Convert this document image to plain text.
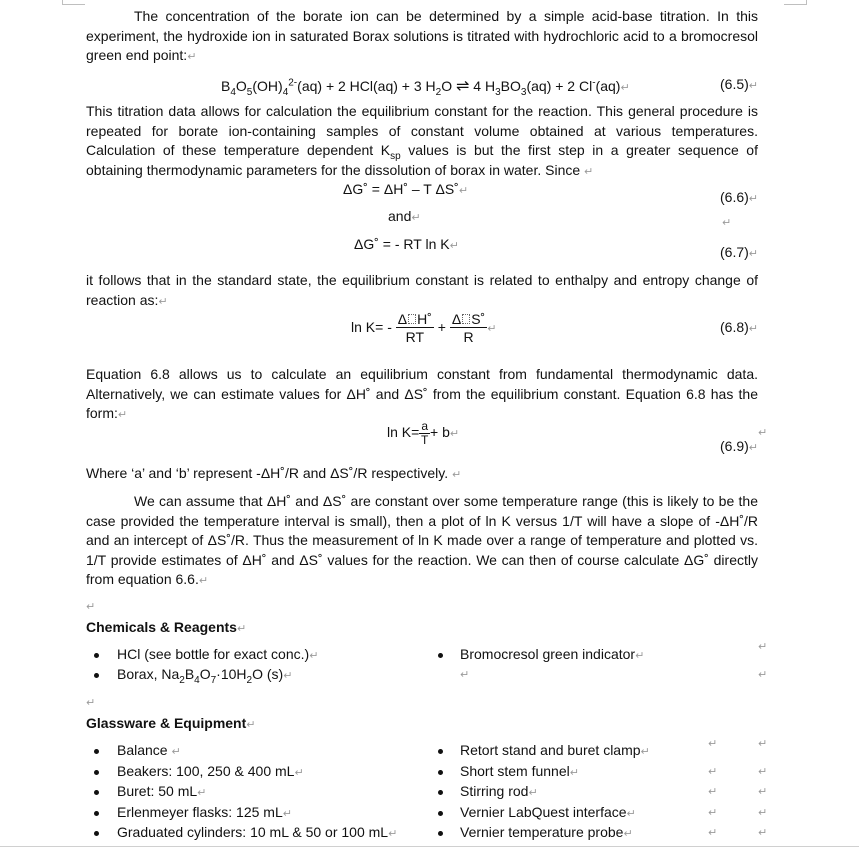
The concentration of the borate ion can be determined by a simple acid-base titration. In this experiment, the hydroxide ion in saturated Borax solutions is titrated with hydrochloric acid to a bromocresol green end point:↵

$B_4O_5(OH)_4^{2-}(aq) + 2$ HCl(aq) + 3 $H_2O$ ⇌ 4 $H_3BO_3(aq) + 2$ Cl-(aq)↵	(6.5)↵

This titration data allows for calculation the equilibrium constant for the reaction. This general procedure is repeated for borate ion-containing samples of constant volume obtained at various temperatures. Calculation of these temperature dependent $K_{sp}$ values is but the first step in a greater sequence of obtaining thermodynamic parameters for the dissolution of borax in water. Since ↵

ΔG˚ = ΔH˚ – T ΔS˚↵	(6.6)↵
and↵	↵
ΔG˚ = - RT ln K↵	(6.7)↵

it follows that in the standard state, the equilibrium constant is related to enthalpy and entropy change of reaction as:↵

$\ln K= - \frac{\text{Δ H˚}}{RT} + \frac{\text{Δ S˚}}{R}$ ↵	(6.8)↵

Equation 6.8 allows us to calculate an equilibrium constant from fundamental thermodynamic data. Alternatively, we can estimate values for ΔH˚ and ΔS˚ from the equilibrium constant. Equation 6.8 has the form:↵

$\ln K= \frac{a}{T}$ + b↵	↵
(6.9)↵

Where ‘a’ and ‘b’ represent -ΔH˚/R and ΔS˚/R respectively. ↵

We can assume that ΔH˚ and ΔS˚ are constant over some temperature range (this is likely to be the case provided the temperature interval is small), then a plot of ln K versus 1/T will have a slope of -ΔH˚/R and an intercept of ΔS˚/R. Thus the measurement of ln K made over a range of temperature and plotted vs. 1/T provide estimates of ΔH˚ and ΔS˚ values for the reaction. We can then of course calculate ΔG˚ directly from equation 6.6.↵

↵
Chemicals & Reagents↵
HCl (see bottle for exact conc.)↵
Borax, $Na_2B_4O_7\cdot 10H_2O$ (s)↵
Bromocresol green indicator↵
↵
↵
↵
↵
Glassware & Equipment↵
Balance ↵
Beakers: 100, 250 & 400 mL↵
Buret: 50 mL↵
Erlenmeyer flasks: 125 mL↵
Graduated cylinders: 10 mL & 50 or 100 mL↵
Retort stand and buret clamp↵
Short stem funnel↵
Stirring rod↵
Vernier LabQuest interface↵
Vernier temperature probe↵
↵
↵
↵
↵
↵
↵
↵
↵
↵
↵
